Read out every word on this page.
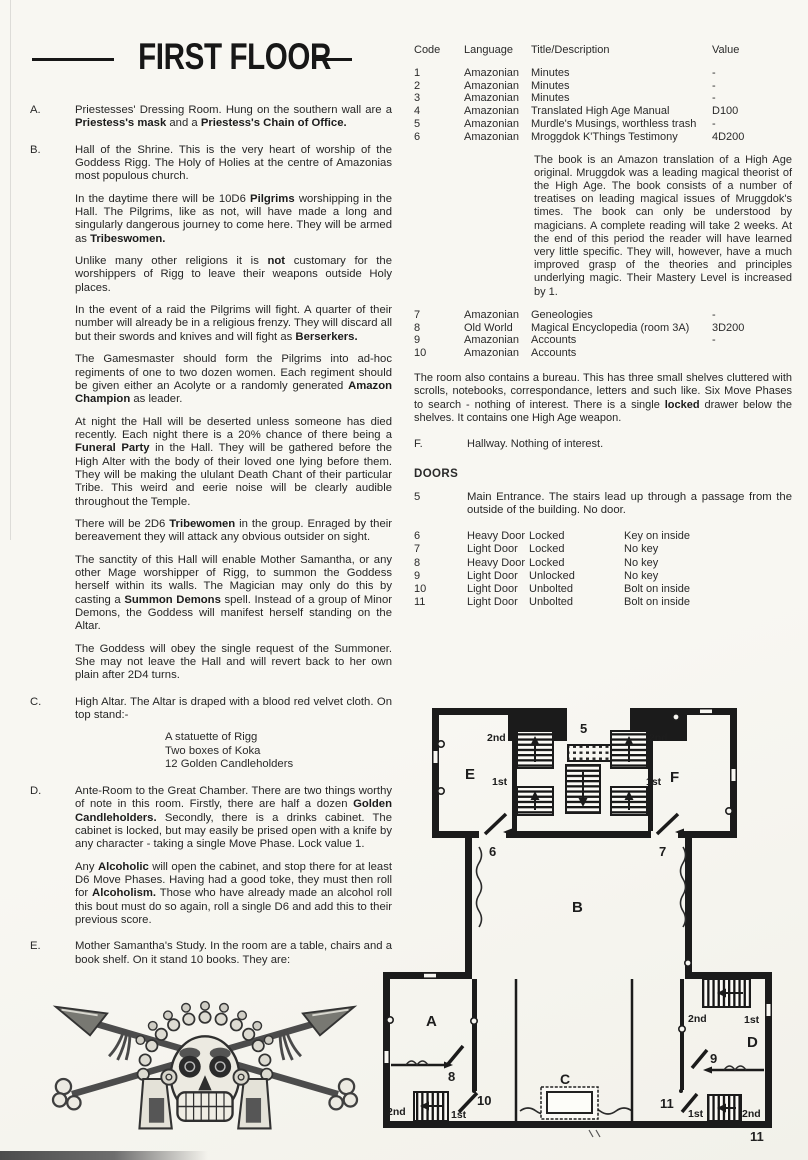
FIRST FLOOR
A.	Priestesses' Dressing Room. Hung on the southern wall are a Priestess's mask and a Priestess's Chain of Office.

B.	Hall of the Shrine. This is the very heart of worship of the Goddess Rigg. The Holy of Holies at the centre of Amazonias most populous church.

In the daytime there will be 10D6 Pilgrims worshipping in the Hall. The Pilgrims, like as not, will have made a long and singularly dangerous journey to come here. They will be armed as Tribeswomen.

Unlike many other religions it is not customary for the worshippers of Rigg to leave their weapons outside Holy places.

In the event of a raid the Pilgrims will fight. A quarter of their number will already be in a religious frenzy. They will discard all but their swords and knives and will fight as Berserkers.

The Gamesmaster should form the Pilgrims into ad-hoc regiments of one to two dozen women. Each regiment should be given either an Acolyte or a randomly generated Amazon Champion as leader.

At night the Hall will be deserted unless someone has died recently. Each night there is a 20% chance of there being a Funeral Party in the Hall. They will be gathered before the High Alter with the body of their loved one lying before them. They will be making the ululant Death Chant of their particular Tribe. This weird and eerie noise will be clearly audible throughout the Temple.

There will be 2D6 Tribewomen in the group. Enraged by their bereavement they will attack any obvious outsider on sight.

The sanctity of this Hall will enable Mother Samantha, or any other Mage worshipper of Rigg, to summon the Goddess herself within its walls. The Magician may only do this by casting a Summon Demons spell. Instead of a group of Minor Demons, the Goddess will manifest herself standing on the Altar.

The Goddess will obey the single request of the Summoner. She may not leave the Hall and will revert back to her own plain after 2D4 turns.

C.	High Altar. The Altar is draped with a blood red velvet cloth. On top stand:-

A statuette of Rigg
Two boxes of Koka
12 Golden Candleholders

D.	Ante-Room to the Great Chamber. There are two things worthy of note in this room. Firstly, there are half a dozen Golden Candleholders. Secondly, there is a drinks cabinet. The cabinet is locked, but may easily be prised open with a knife by any character - taking a single Move Phase. Lock value 1.

Any Alcoholic will open the cabinet, and stop there for at least D6 Move Phases. Having had a good toke, they must then roll for Alcoholism. Those who have already made an alcohol roll this bout must do so again, roll a single D6 and add this to their previous score.

E.	Mother Samantha's Study. In the room are a table, chairs and a book shelf. On it stand 10 books. They are:

Code	Language	Title/Description	Value
1	Amazonian	Minutes	-
2	Amazonian	Minutes	-
3	Amazonian	Minutes	-
4	Amazonian	Translated High Age Manual	D100
5	Amazonian	Murdle's Musings, worthless trash	-
6	Amazonian	Mroggdok K'Things Testimony	4D200
The book is an Amazon translation of a High Age original. Mruggdok was a leading magical theorist of the High Age. The book consists of a number of treatises on leading magical issues of Mruggdok's times. The book can only be understood by magicians. A complete reading will take 2 weeks. At the end of this period the reader will have learned very little specific. They will, however, have a much improved grasp of the theories and principles underlying magic. Their Mastery Level is increased by 1.
7	Amazonian	Geneologies	-
8	Old World	Magical Encyclopedia (room 3A)	3D200
9	Amazonian	Accounts	-
10	Amazonian	Accounts

The room also contains a bureau. This has three small shelves cluttered with scrolls, notebooks, correspondance, letters and such like. Six Move Phases to search - nothing of interest. There is a single locked drawer below the shelves. It contains one High Age weapon.

F.	Hallway. Nothing of interest.
DOORS
5	Main Entrance. The stairs lead up through a passage from the outside of the building. No door.
6	Heavy Door Locked	Key on inside
7	Light Door	Locked	No key
8	Heavy Door Locked	No key
9	Light Door	Unlocked	No key
10	Light Door	Unbolted	Bolt on inside
11	Light Door	Unbolted	Bolt on inside
5
E	F
2nd
1st
2nd
1st
6	7
B
A
8
10
2nd	1st
C
2nd	1st
D
9
11
1st	2nd
11
